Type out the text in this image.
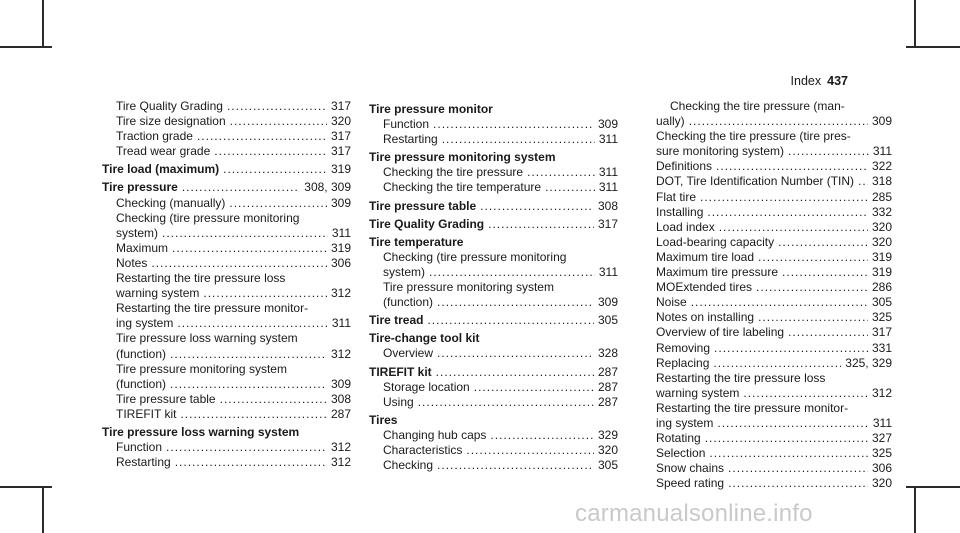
Index 437
Tire Quality Grading .....	317
Tire size designation .....	320
Traction grade .....	317
Tread wear grade .....	317
Tire load (maximum) .....	319
Tire pressure .....	308, 309
Checking (manually) .....	309
Checking (tire pressure monitoring
system) .....	311
Maximum .....	319
Notes .....	306
Restarting the tire pressure loss
warning system .....	312
Restarting the tire pressure monitor-
ing system .....	311
Tire pressure loss warning system
(function) .....	312
Tire pressure monitoring system
(function) .....	309
Tire pressure table .....	308
TIREFIT kit .....	287
Tire pressure loss warning system
Function .....	312
Restarting .....	312
Tire pressure monitor
Function .....	309
Restarting .....	311
Tire pressure monitoring system
Checking the tire pressure .....	311
Checking the tire temperature .....	311
Tire pressure table .....	308
Tire Quality Grading .....	317
Tire temperature
Checking (tire pressure monitoring
system) .....	311
Tire pressure monitoring system
(function) .....	309
Tire tread .....	305
Tire-change tool kit
Overview .....	328
TIREFIT kit .....	287
Storage location .....	287
Using .....	287
Tires
Changing hub caps .....	329
Characteristics .....	320
Checking .....	305
Checking the tire pressure (man-
ually) .....	309
Checking the tire pressure (tire pres-
sure monitoring system) .....	311
Definitions .....	322
DOT, Tire Identification Number (TIN) ..... 318
Flat tire .....	285
Installing .....	332
Load index .....	320
Load-bearing capacity .....	320
Maximum tire load .....	319
Maximum tire pressure .....	319
MOExtended tires .....	286
Noise .....	305
Notes on installing .....	325
Overview of tire labeling .....	317
Removing .....	331
Replacing .....	325, 329
Restarting the tire pressure loss
warning system .....	312
Restarting the tire pressure monitor-
ing system .....	311
Rotating .....	327
Selection .....	325
Snow chains .....	306
Speed rating .....	320
carmanualsonline.info
